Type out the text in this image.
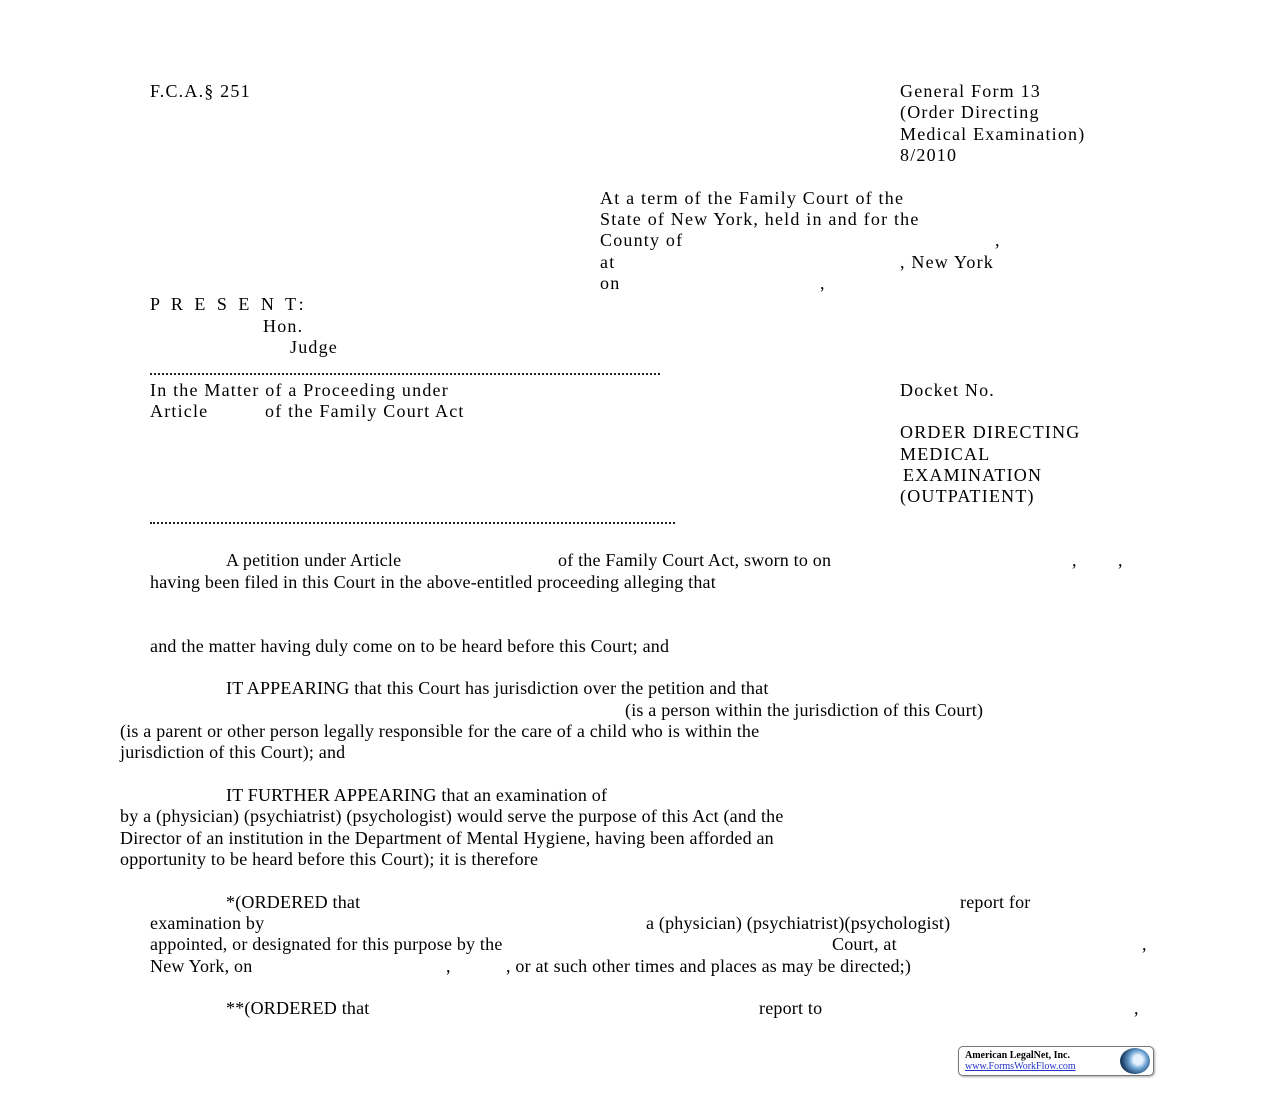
F.C.A.§ 251	General Form 13
(Order Directing
Medical Examination)
8/2010
At a term of the Family Court of the
State of New York, held in and for the
County of	,
at	, New York
on	,
P R E S E N T:
Hon.
Judge
In the Matter of a Proceeding under
Article	of the Family Court Act
Docket No.
ORDER DIRECTING
MEDICAL
EXAMINATION
(OUTPATIENT)
A petition under Article	of the Family Court Act, sworn to on	, ,
having been filed in this Court in the above-entitled proceeding alleging that
and the matter having duly come on to be heard before this Court; and
IT APPEARING that this Court has jurisdiction over the petition and that
(is a person within the jurisdiction of this Court)
(is a parent or other person legally responsible for the care of a child who is within the
jurisdiction of this Court); and
IT FURTHER APPEARING that an examination of
by a (physician) (psychiatrist) (psychologist) would serve the purpose of this Act (and the
Director of an institution in the Department of Mental Hygiene, having been afforded an
opportunity to be heard before this Court); it is therefore
*(ORDERED that	report for
examination by	a (physician) (psychiatrist)(psychologist)
appointed, or designated for this purpose by the	Court, at	,
New York, on	,	, or at such other times and places as may be directed;)
**(ORDERED that	report to	,
American LegalNet, Inc.
www.FormsWorkFlow.com
